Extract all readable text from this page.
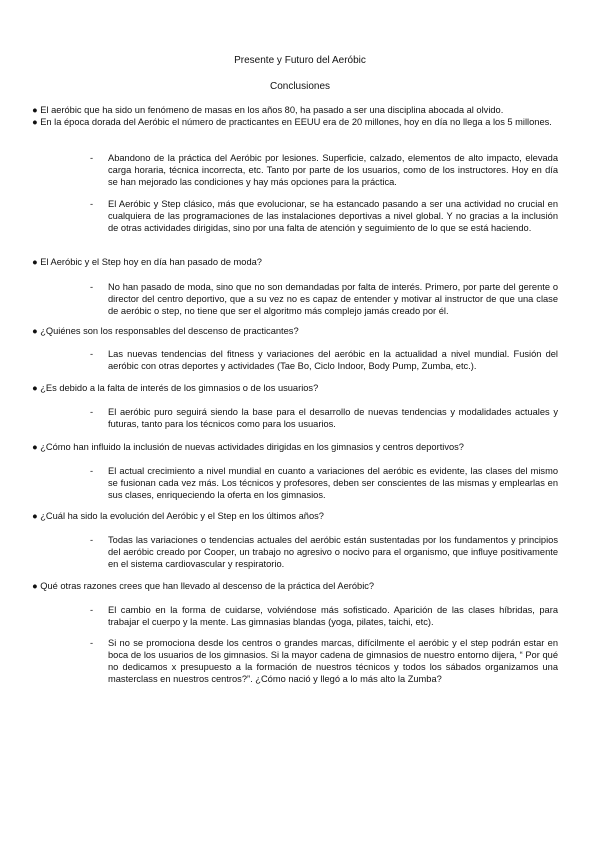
Presente y Futuro del Aeróbic
Conclusiones

● El aeróbic que ha sido un fenómeno de masas en los años 80, ha pasado a ser una disciplina abocada al olvido.

● En la época dorada del Aeróbic el número de practicantes en EEUU era de 20 millones, hoy en día no llega a los 5 millones.

- Abandono de la práctica del Aeróbic por lesiones. Superficie, calzado, elementos de alto impacto, elevada carga horaria, técnica incorrecta, etc. Tanto por parte de los usuarios, como de los instructores. Hoy en día se han mejorado las condiciones y hay más opciones para la práctica.
- El Aeróbic y Step clásico, más que evolucionar, se ha estancado pasando a ser una actividad no crucial en cualquiera de las programaciones de las instalaciones deportivas a nivel global. Y no gracias a la inclusión de otras actividades dirigidas, sino por una falta de atención y seguimiento de lo que se está haciendo.
● El Aeróbic y el Step hoy en día han pasado de moda?
- No han pasado de moda, sino que no son demandadas por falta de interés. Primero, por parte del gerente o director del centro deportivo, que a su vez no es capaz de entender y motivar al instructor de que una clase de aeróbic o step, no tiene que ser el algoritmo más complejo jamás creado por él.
● ¿Quiénes son los responsables del descenso de practicantes?
- Las nuevas tendencias del fitness y variaciones del aeróbic en la actualidad a nivel mundial. Fusión del aeróbic con otras deportes y actividades (Tae Bo, Ciclo Indoor, Body Pump, Zumba, etc.).
● ¿Es debido a la falta de interés de los gimnasios o de los usuarios?
- El aeróbic puro seguirá siendo la base para el desarrollo de nuevas tendencias y modalidades actuales y futuras, tanto para los técnicos como para los usuarios.
● ¿Cómo han influido la inclusión de nuevas actividades dirigidas en los gimnasios y centros deportivos?
- El actual crecimiento a nivel mundial en cuanto a variaciones del aeróbic es evidente, las clases del mismo se fusionan cada vez más. Los técnicos y profesores, deben ser conscientes de las mismas y emplearlas en sus clases, enriqueciendo la oferta en los gimnasios.
● ¿Cuál ha sido la evolución del Aeróbic y el Step en los últimos años?
- Todas las variaciones o tendencias actuales del aeróbic están sustentadas por los fundamentos y principios del aeróbic creado por Cooper, un trabajo no agresivo o nocivo para el organismo, que influye positivamente en el sistema cardiovascular y respiratorio.
● Qué otras razones crees que han llevado al descenso de la práctica del Aeróbic?
- El cambio en la forma de cuidarse, volviéndose más sofisticado. Aparición de las clases híbridas, para trabajar el cuerpo y la mente. Las gimnasias blandas (yoga, pilates, taichi, etc).
- Si no se promociona desde los centros o grandes marcas, difícilmente el aeróbic y el step podrán estar en boca de los usuarios de los gimnasios. Si la mayor cadena de gimnasios de nuestro entorno dijera, “ Por qué no dedicamos x presupuesto a la formación de nuestros técnicos y todos los sábados organizamos una masterclass en nuestros centros?”. ¿Cómo nació y llegó a lo más alto la Zumba?
